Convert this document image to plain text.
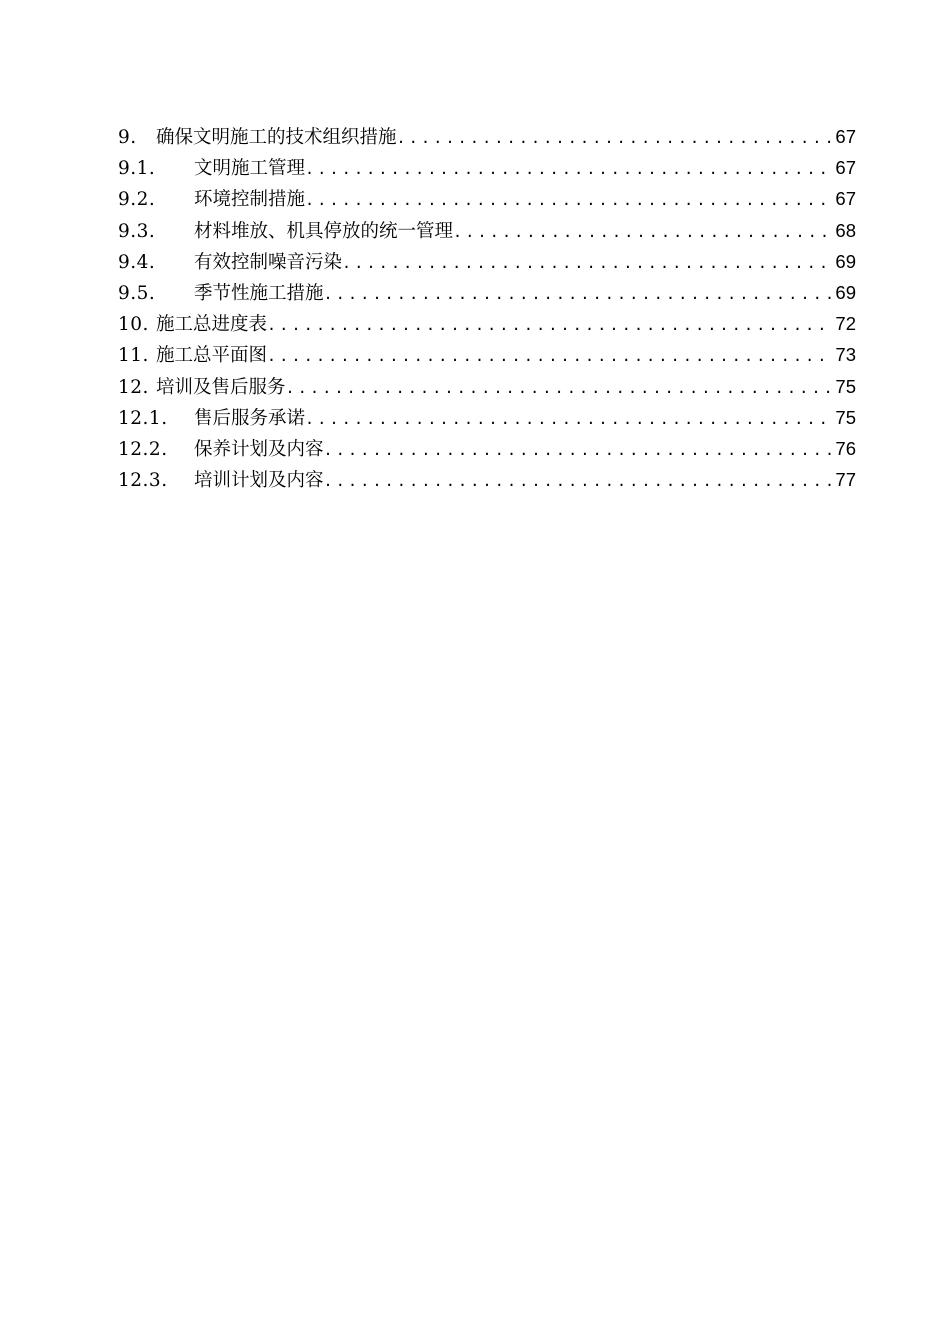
9.	确保文明施工的技术组织措施 .....	67
9.1.	文明施工管理 .....	67
9.2.	环境控制措施 .....	67
9.3.	材料堆放、机具停放的统一管理 .....	68
9.4.	有效控制噪音污染 .....	69
9.5.	季节性施工措施 .....	69
10. 施工总进度表 .....	72
11. 施工总平面图 .....	73
12. 培训及售后服务 .....	75
12.1.	售后服务承诺 .....	75
12.2.	保养计划及内容 .....	76
12.3.	培训计划及内容 .....	77
